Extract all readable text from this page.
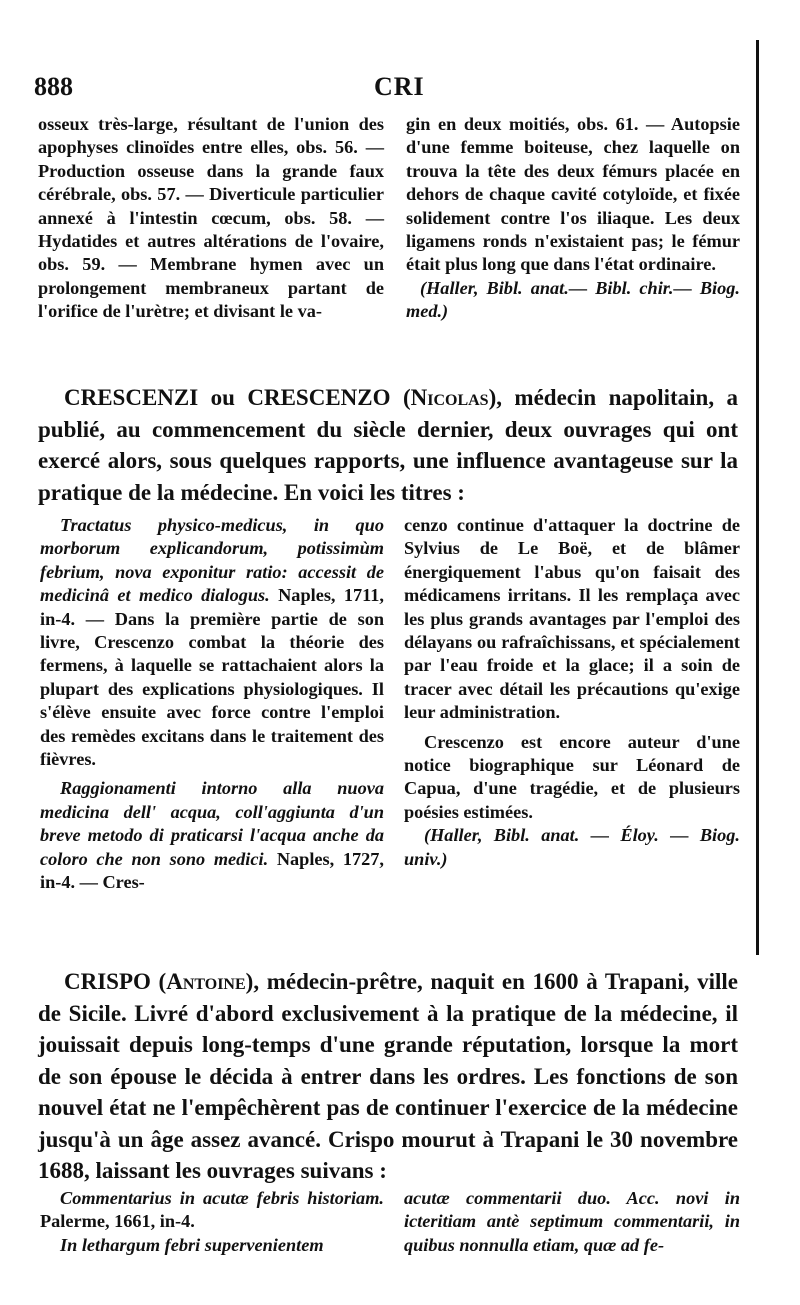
888	CRI

osseux très-large, résultant de l'union des apophyses clinoïdes entre elles, obs. 56. — Production osseuse dans la grande faux cérébrale, obs. 57. — Diverticule particulier annexé à l'intestin cœcum, obs. 58. — Hydatides et autres altérations de l'ovaire, obs. 59. — Membrane hymen avec un prolongement membraneux partant de l'orifice de l'urètre; et divisant le va-

gin en deux moitiés, obs. 61. — Autopsie d'une femme boiteuse, chez laquelle on trouva la tête des deux fémurs placée en dehors de chaque cavité cotyloïde, et fixée solidement contre l'os iliaque. Les deux ligamens ronds n'existaient pas; le fémur était plus long que dans l'état ordinaire.

(Haller, Bibl. anat.— Bibl. chir.— Biog. med.)

CRESCENZI ou CRESCENZO (Nicolas), médecin napolitain, a publié, au commencement du siècle dernier, deux ouvrages qui ont exercé alors, sous quelques rapports, une influence avantageuse sur la pratique de la médecine. En voici les titres :

Tractatus physico-medicus, in quo morborum explicandorum, potissimùm febrium, nova exponitur ratio: accessit de medicinâ et medico dialogus. Naples, 1711, in-4. — Dans la première partie de son livre, Crescenzo combat la théorie des fermens, à laquelle se rattachaient alors la plupart des explications physiologiques. Il s'élève ensuite avec force contre l'emploi des remèdes excitans dans le traitement des fièvres.

Raggionamenti intorno alla nuova medicina dell' acqua, coll'aggiunta d'un breve metodo di praticarsi l'acqua anche da coloro che non sono medici. Naples, 1727, in-4. — Cres-

cenzo continue d'attaquer la doctrine de Sylvius de Le Boë, et de blâmer énergiquement l'abus qu'on faisait des médicamens irritans. Il les remplaça avec les plus grands avantages par l'emploi des délayans ou rafraîchissans, et spécialement par l'eau froide et la glace; il a soin de tracer avec détail les précautions qu'exige leur administration.

Crescenzo est encore auteur d'une notice biographique sur Léonard de Capua, d'une tragédie, et de plusieurs poésies estimées.

(Haller, Bibl. anat. — Éloy. — Biog. univ.)

CRISPO (Antoine), médecin-prêtre, naquit en 1600 à Trapani, ville de Sicile. Livré d'abord exclusivement à la pratique de la médecine, il jouissait depuis long-temps d'une grande réputation, lorsque la mort de son épouse le décida à entrer dans les ordres. Les fonctions de son nouvel état ne l'empêchèrent pas de continuer l'exercice de la médecine jusqu'à un âge assez avancé. Crispo mourut à Trapani le 30 novembre 1688, laissant les ouvrages suivans :

Commentarius in acutæ febris historiam. Palerme, 1661, in-4.

In lethargum febri supervenientem

acutæ commentarii duo. Acc. novi in icteritiam antè septimum commentarii, in quibus nonnulla etiam, quæ ad fe-
